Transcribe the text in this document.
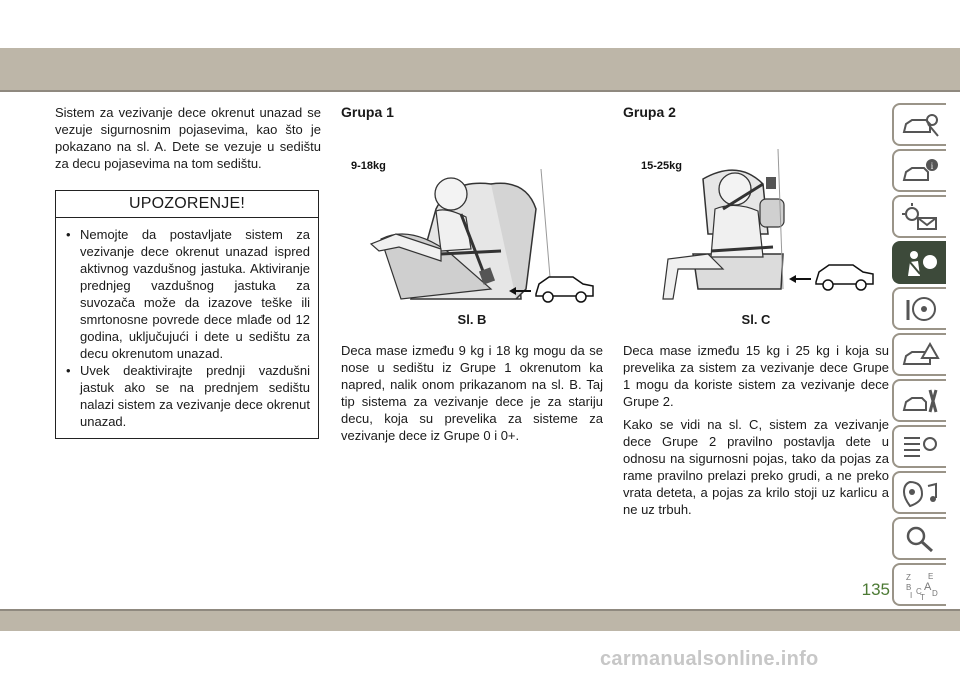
Sistem za vezivanje dece okrenut unazad se vezuje sigurnosnim pojasevima, kao što je pokazano na sl. A. Dete se vezuje u sedištu za decu pojasevima na tom sedištu.

UPOZORENJE!
• Nemojte da postavljate sistem za vezivanje dece okrenut unazad ispred aktivnog vazdušnog jastuka. Aktiviranje prednjeg vazdušnog jastuka za suvozača može da izazove teške ili smrtonosne povrede dece mlađe od 12 godina, uključujući i dete u sedištu za decu okrenutom unazad.
• Uvek deaktivirajte prednji vazdušni jastuk ako se na prednjem sedištu nalazi sistem za vezivanje dece okrenut unazad.
Grupa 1
9-18kg
Sl. B

Deca mase između 9 kg i 18 kg mogu da se nose u sedištu iz Grupe 1 okrenutom ka napred, nalik onom prikazanom na sl. B. Taj tip sistema za vezivanje dece je za stariju decu, koja su prevelika za sisteme za vezivanje dece iz Grupe 0 i 0+.

Grupa 2
15-25kg
Sl. C

Deca mase između 15 kg i 25 kg i koja su prevelika za sistem za vezivanje dece Grupe 1 mogu da koriste sistem za vezivanje dece Grupe 2.

Kako se vidi na sl. C, sistem za vezivanje dece Grupe 2 pravilno postavlja dete u odnosu na sigurnosni pojas, tako da pojas za rame pravilno prelazi preko grudi, a ne preko vrata deteta, a pojas za krilo stoji uz karlicu a ne uz trbuh.

i
Z E
B A
I C D
T
135
carmanualsonline.info
